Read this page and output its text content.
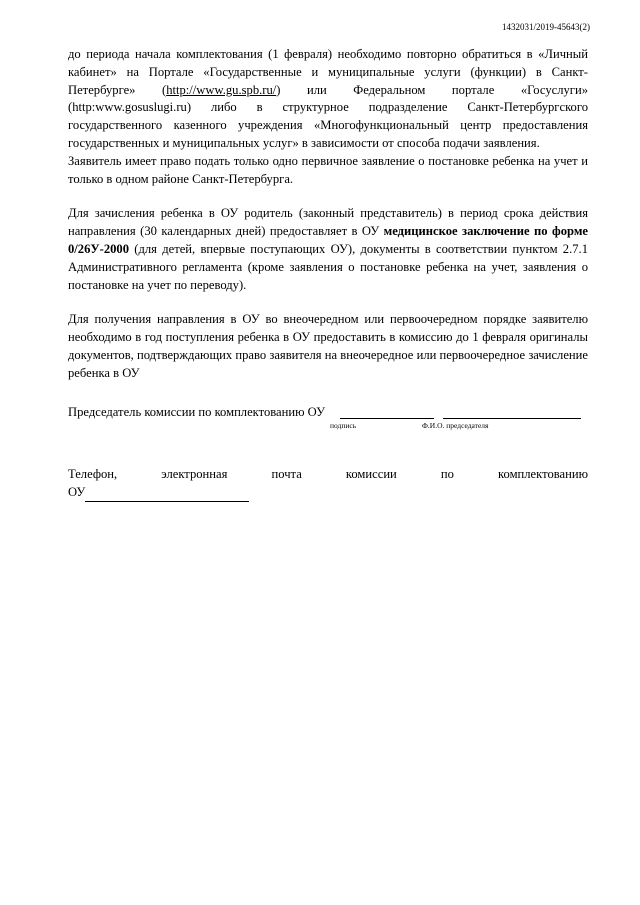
1432031/2019-45643(2)

до периода начала комплектования (1 февраля) необходимо повторно обратиться в «Личный кабинет» на Портале «Государственные и муниципальные услуги (функции) в Санкт-Петербурге» (http://www.gu.spb.ru/) или Федеральном портале «Госуслуги» (http:www.gosuslugi.ru) либо в структурное подразделение Санкт-Петербургского государственного казенного учреждения «Многофункциональный центр предоставления государственных и муниципальных услуг» в зависимости от способа подачи заявления.

Заявитель имеет право подать только одно первичное заявление о постановке ребенка на учет и только в одном районе Санкт-Петербурга.

Для зачисления ребенка в ОУ родитель (законный представитель) в период срока действия направления (30 календарных дней) предоставляет в ОУ медицинское заключение по форме 0/26У-2000 (для детей, впервые поступающих ОУ), документы в соответствии пунктом 2.7.1 Административного регламента (кроме заявления о постановке ребенка на учет, заявления о постановке на учет по переводу).

Для получения направления в ОУ во внеочередном или первоочередном порядке заявителю необходимо в год поступления ребенка в ОУ предоставить в комиссию до 1 февраля оригиналы документов, подтверждающих право заявителя на внеочередное или первоочередное зачисление ребенка в ОУ

Председатель комиссии по комплектованию ОУ
подпись	Ф.И.О. председателя
Телефон,	электронная	почта	комиссии	по	комплектованию
ОУ
